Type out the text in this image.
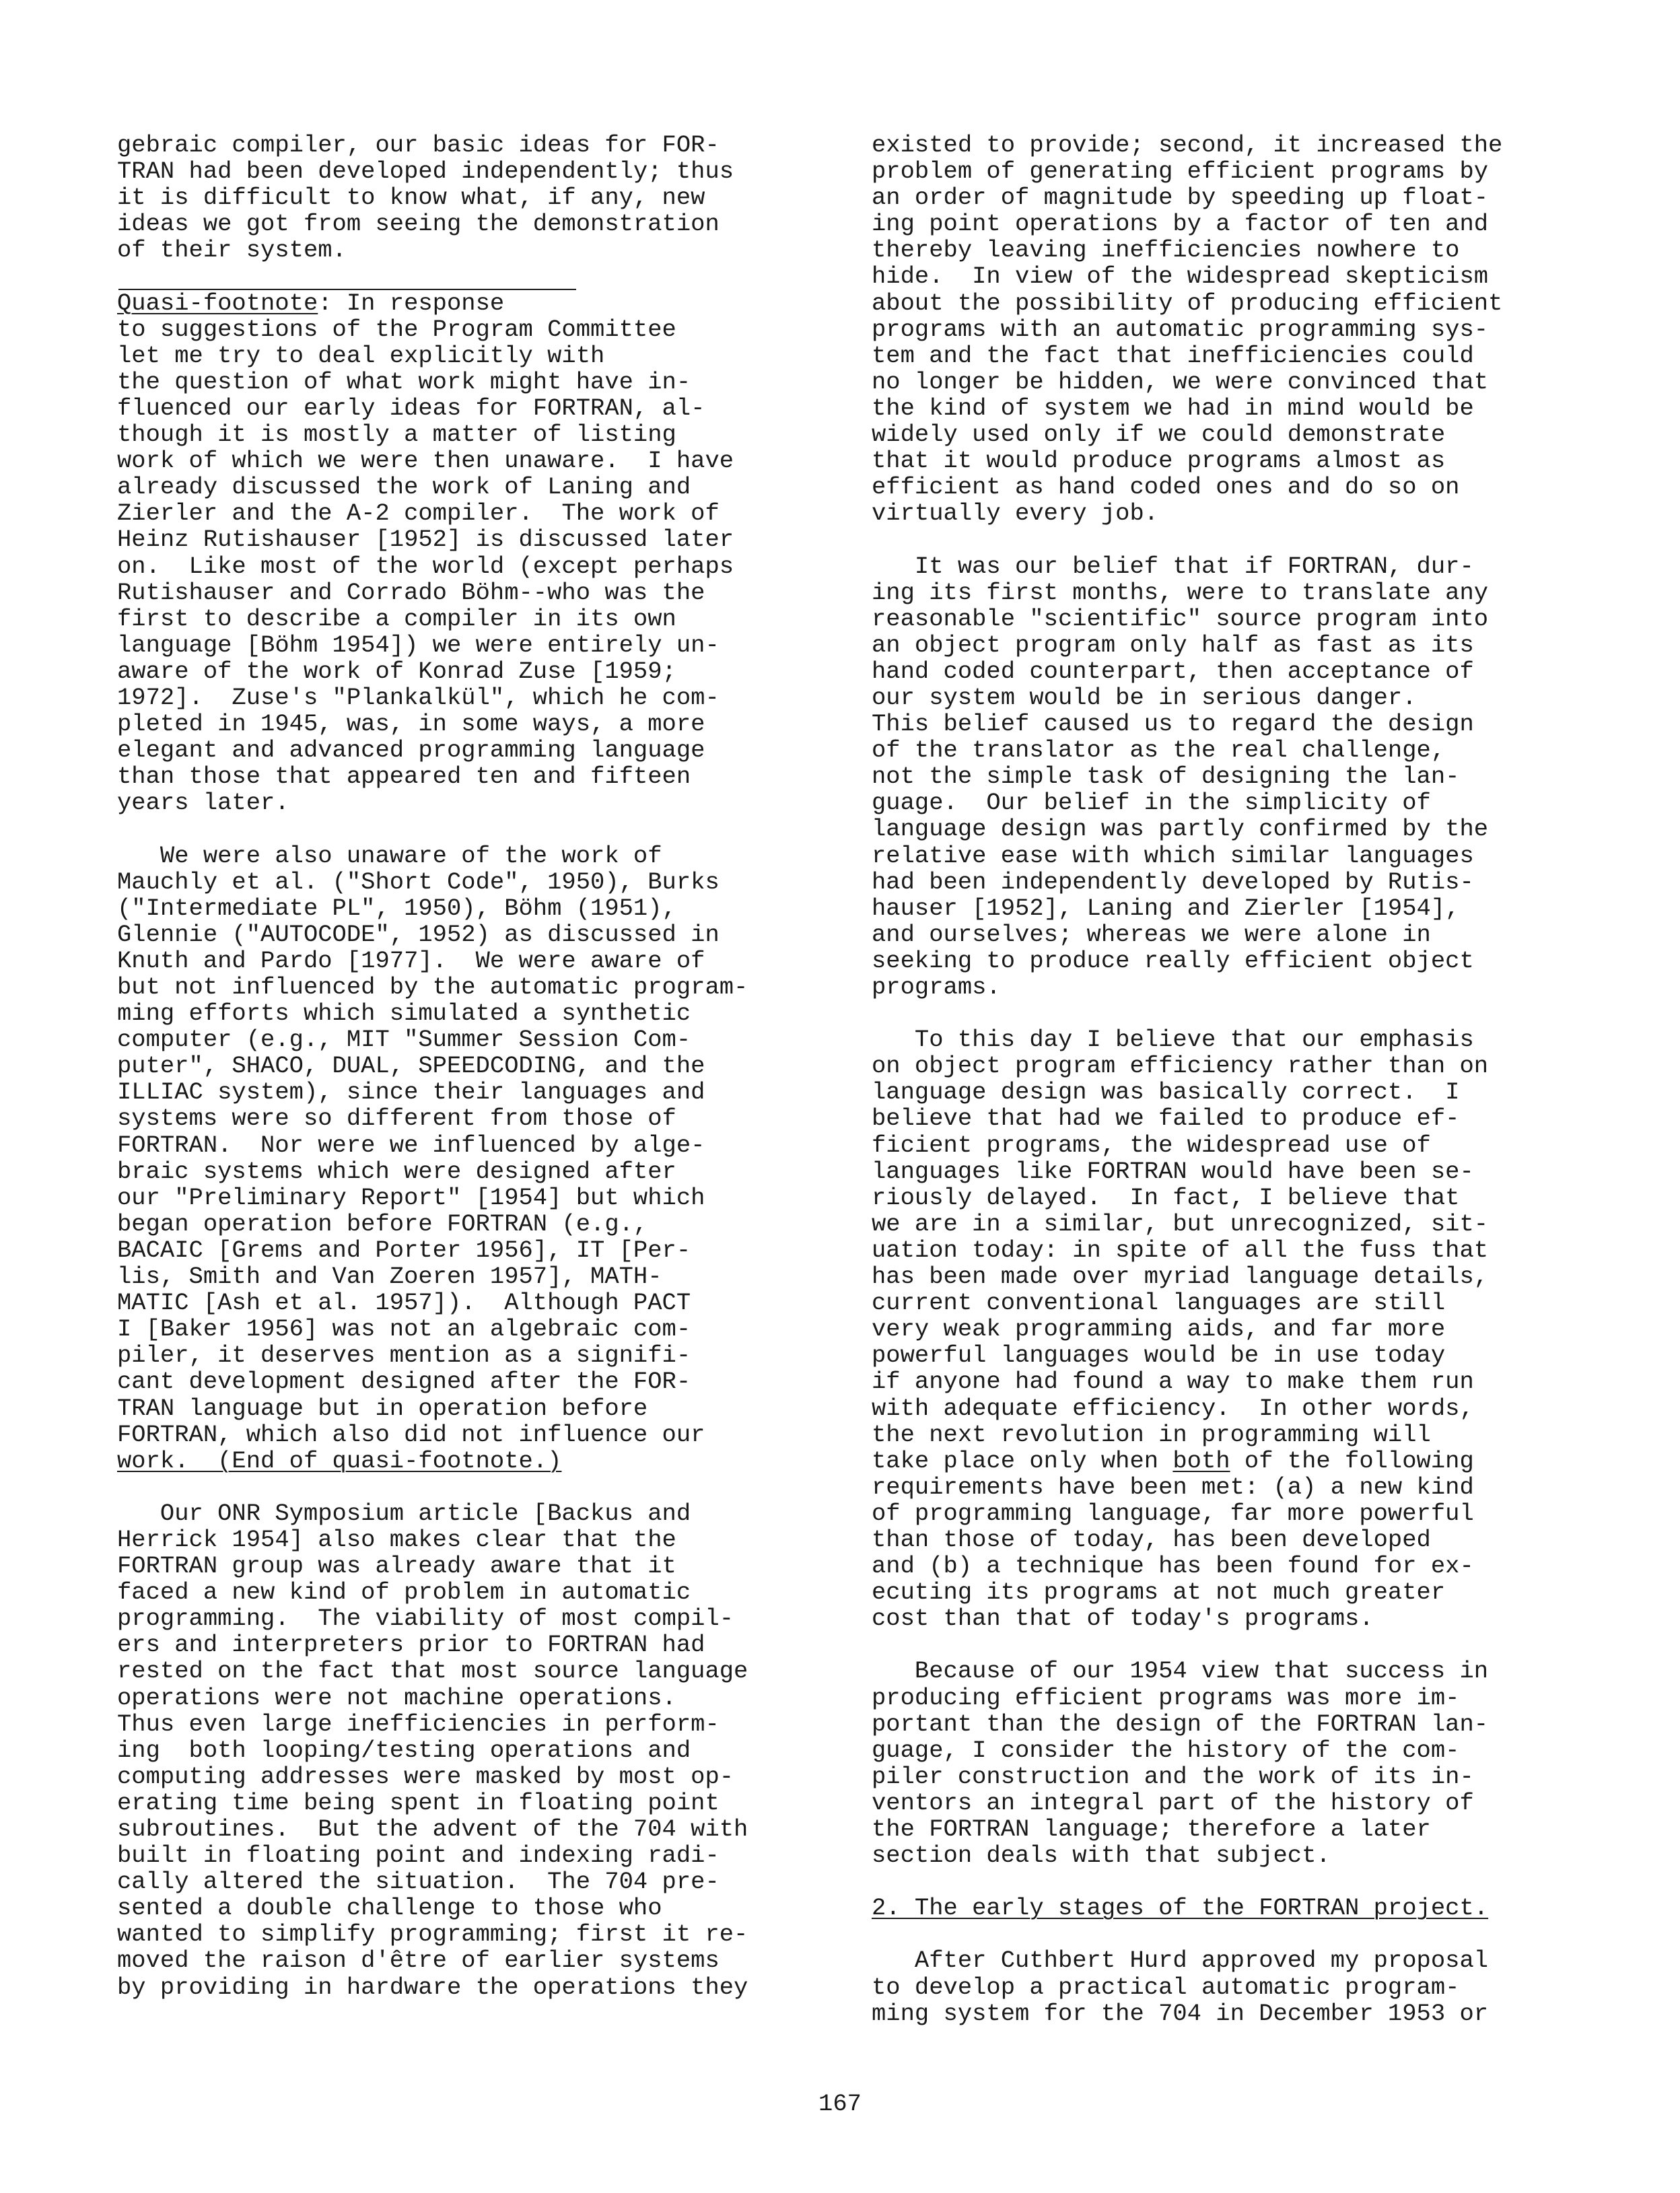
gebraic compiler, our basic ideas for FOR-
TRAN had been developed independently; thus
it is difficult to know what, if any, new
ideas we got from seeing the demonstration
of their system.
Quasi-footnote: In response
to suggestions of the Program Committee
let me try to deal explicitly with
the question of what work might have in-
fluenced our early ideas for FORTRAN, al-
though it is mostly a matter of listing
work of which we were then unaware.  I have
already discussed the work of Laning and
Zierler and the A-2 compiler.  The work of
Heinz Rutishauser [1952] is discussed later
on.  Like most of the world (except perhaps
Rutishauser and Corrado Böhm--who was the
first to describe a compiler in its own
language [Böhm 1954]) we were entirely un-
aware of the work of Konrad Zuse [1959;
1972].  Zuse's "Plankalkül", which he com-
pleted in 1945, was, in some ways, a more
elegant and advanced programming language
than those that appeared ten and fifteen
years later.
We were also unaware of the work of
Mauchly et al. ("Short Code", 1950), Burks
("Intermediate PL", 1950), Böhm (1951),
Glennie ("AUTOCODE", 1952) as discussed in
Knuth and Pardo [1977].  We were aware of
but not influenced by the automatic program-
ming efforts which simulated a synthetic
computer (e.g., MIT "Summer Session Com-
puter", SHACO, DUAL, SPEEDCODING, and the
ILLIAC system), since their languages and
systems were so different from those of
FORTRAN.  Nor were we influenced by alge-
braic systems which were designed after
our "Preliminary Report" [1954] but which
began operation before FORTRAN (e.g.,
BACAIC [Grems and Porter 1956], IT [Per-
lis, Smith and Van Zoeren 1957], MATH-
MATIC [Ash et al. 1957]).  Although PACT
I [Baker 1956] was not an algebraic com-
piler, it deserves mention as a signifi-
cant development designed after the FOR-
TRAN language but in operation before
FORTRAN, which also did not influence our
work.  (End of quasi-footnote.)
Our ONR Symposium article [Backus and
Herrick 1954] also makes clear that the
FORTRAN group was already aware that it
faced a new kind of problem in automatic
programming.  The viability of most compil-
ers and interpreters prior to FORTRAN had
rested on the fact that most source language
operations were not machine operations.
Thus even large inefficiencies in perform-
ing  both looping/testing operations and
computing addresses were masked by most op-
erating time being spent in floating point
subroutines.  But the advent of the 704 with
built in floating point and indexing radi-
cally altered the situation.  The 704 pre-
sented a double challenge to those who
wanted to simplify programming; first it re-
moved the raison d'être of earlier systems
by providing in hardware the operations they
existed to provide; second, it increased the
problem of generating efficient programs by
an order of magnitude by speeding up float-
ing point operations by a factor of ten and
thereby leaving inefficiencies nowhere to
hide.  In view of the widespread skepticism
about the possibility of producing efficient
programs with an automatic programming sys-
tem and the fact that inefficiencies could
no longer be hidden, we were convinced that
the kind of system we had in mind would be
widely used only if we could demonstrate
that it would produce programs almost as
efficient as hand coded ones and do so on
virtually every job.
It was our belief that if FORTRAN, dur-
ing its first months, were to translate any
reasonable "scientific" source program into
an object program only half as fast as its
hand coded counterpart, then acceptance of
our system would be in serious danger.
This belief caused us to regard the design
of the translator as the real challenge,
not the simple task of designing the lan-
guage.  Our belief in the simplicity of
language design was partly confirmed by the
relative ease with which similar languages
had been independently developed by Rutis-
hauser [1952], Laning and Zierler [1954],
and ourselves; whereas we were alone in
seeking to produce really efficient object
programs.
To this day I believe that our emphasis
on object program efficiency rather than on
language design was basically correct.  I
believe that had we failed to produce ef-
ficient programs, the widespread use of
languages like FORTRAN would have been se-
riously delayed.  In fact, I believe that
we are in a similar, but unrecognized, sit-
uation today: in spite of all the fuss that
has been made over myriad language details,
current conventional languages are still
very weak programming aids, and far more
powerful languages would be in use today
if anyone had found a way to make them run
with adequate efficiency.  In other words,
the next revolution in programming will
take place only when both of the following
requirements have been met: (a) a new kind
of programming language, far more powerful
than those of today, has been developed
and (b) a technique has been found for ex-
ecuting its programs at not much greater
cost than that of today's programs.
Because of our 1954 view that success in
producing efficient programs was more im-
portant than the design of the FORTRAN lan-
guage, I consider the history of the com-
piler construction and the work of its in-
ventors an integral part of the history of
the FORTRAN language; therefore a later
section deals with that subject.
2. The early stages of the FORTRAN project.
After Cuthbert Hurd approved my proposal
to develop a practical automatic program-
ming system for the 704 in December 1953 or
167
